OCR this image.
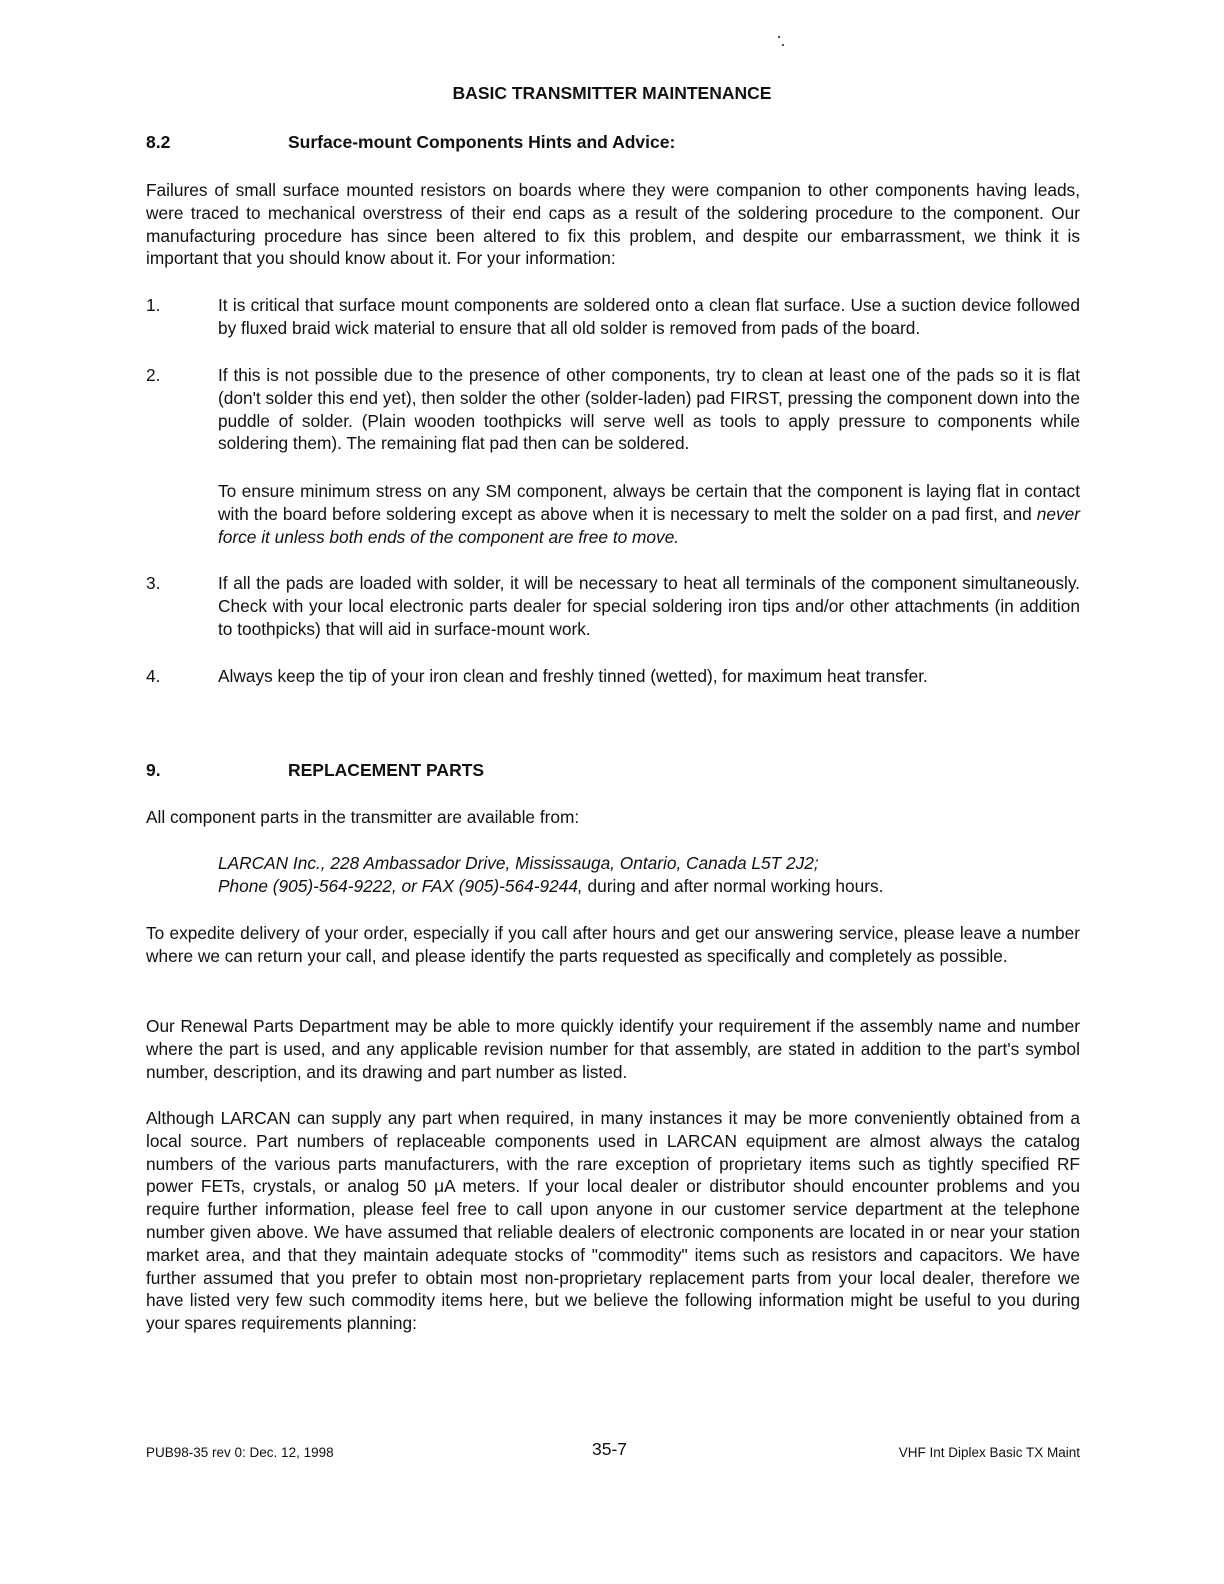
BASIC TRANSMITTER MAINTENANCE
8.2	Surface-mount Components Hints and Advice:
Failures of small surface mounted resistors on boards where they were companion to other components having leads, were traced to mechanical overstress of their end caps as a result of the soldering procedure to the component. Our manufacturing procedure has since been altered to fix this problem, and despite our embarrassment, we think it is important that you should know about it. For your information:
1.	It is critical that surface mount components are soldered onto a clean flat surface. Use a suction device followed by fluxed braid wick material to ensure that all old solder is removed from pads of the board.
2.	If this is not possible due to the presence of other components, try to clean at least one of the pads so it is flat (don't solder this end yet), then solder the other (solder-laden) pad FIRST, pressing the component down into the puddle of solder. (Plain wooden toothpicks will serve well as tools to apply pressure to components while soldering them). The remaining flat pad then can be soldered.
To ensure minimum stress on any SM component, always be certain that the component is laying flat in contact with the board before soldering except as above when it is necessary to melt the solder on a pad first, and never force it unless both ends of the component are free to move.
3.	If all the pads are loaded with solder, it will be necessary to heat all terminals of the component simultaneously. Check with your local electronic parts dealer for special soldering iron tips and/or other attachments (in addition to toothpicks) that will aid in surface-mount work.
4.	Always keep the tip of your iron clean and freshly tinned (wetted), for maximum heat transfer.
9.	REPLACEMENT PARTS
All component parts in the transmitter are available from:
LARCAN Inc., 228 Ambassador Drive, Mississauga, Ontario, Canada L5T 2J2;
Phone (905)-564-9222, or FAX (905)-564-9244, during and after normal working hours.
To expedite delivery of your order, especially if you call after hours and get our answering service, please leave a number where we can return your call, and please identify the parts requested as specifically and completely as possible.
Our Renewal Parts Department may be able to more quickly identify your requirement if the assembly name and number where the part is used, and any applicable revision number for that assembly, are stated in addition to the part's symbol number, description, and its drawing and part number as listed.
Although LARCAN can supply any part when required, in many instances it may be more conveniently obtained from a local source. Part numbers of replaceable components used in LARCAN equipment are almost always the catalog numbers of the various parts manufacturers, with the rare exception of proprietary items such as tightly specified RF power FETs, crystals, or analog 50 μA meters. If your local dealer or distributor should encounter problems and you require further information, please feel free to call upon anyone in our customer service department at the telephone number given above. We have assumed that reliable dealers of electronic components are located in or near your station market area, and that they maintain adequate stocks of "commodity" items such as resistors and capacitors. We have further assumed that you prefer to obtain most non-proprietary replacement parts from your local dealer, therefore we have listed very few such commodity items here, but we believe the following information might be useful to you during your spares requirements planning:
PUB98-35 rev 0: Dec. 12, 1998	35-7	VHF Int Diplex Basic TX Maint
